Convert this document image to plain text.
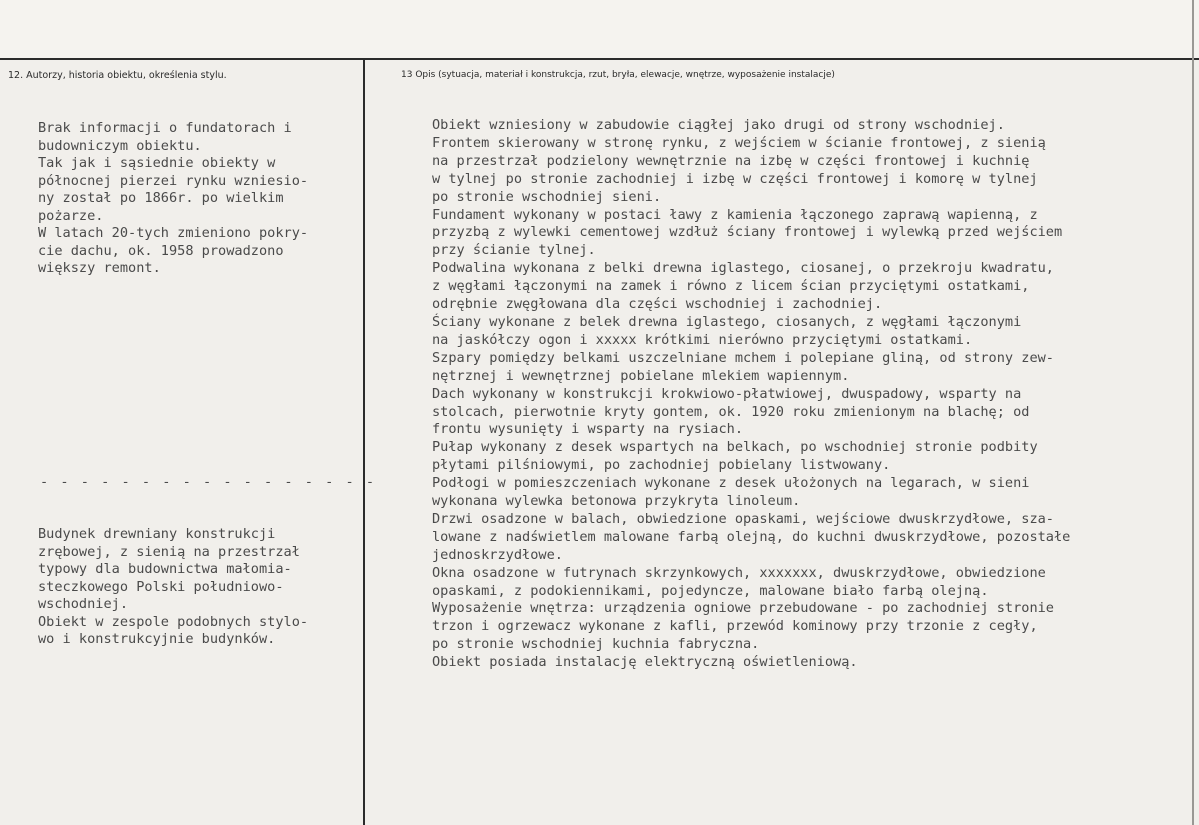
12. Autorzy, historia obiektu, określenia stylu.	13 Opis (sytuacja, materiał i konstrukcja, rzut, bryła, elewacje, wnętrze, wyposażenie instalacje)
Brak informacji o fundatorach i
budowniczym obiektu.
Tak jak i sąsiednie obiekty w
północnej pierzei rynku wzniesio-
ny został po 1866r. po wielkim
pożarze.
W latach 20-tych zmieniono pokry-
cie dachu, ok. 1958 prowadzono
większy remont.
- - - - - - - - - - - - - - - - -
Budynek drewniany konstrukcji
zrębowej, z sienią na przestrzał
typowy dla budownictwa małomia-
steczkowego Polski południowo-
wschodniej.
Obiekt w zespole podobnych stylo-
wo i konstrukcyjnie budynków.
Obiekt wzniesiony w zabudowie ciągłej jako drugi od strony wschodniej.
Frontem skierowany w stronę rynku, z wejściem w ścianie frontowej, z sienią
na przestrzał podzielony wewnętrznie na izbę w części frontowej i kuchnię
w tylnej po stronie zachodniej i izbę w części frontowej i komorę w tylnej
po stronie wschodniej sieni.
Fundament wykonany w postaci ławy z kamienia łączonego zaprawą wapienną, z
przyzbą z wylewki cementowej wzdłuż ściany frontowej i wylewką przed wejściem
przy ścianie tylnej.
Podwalina wykonana z belki drewna iglastego, ciosanej, o przekroju kwadratu,
z węgłami łączonymi na zamek i równo z licem ścian przyciętymi ostatkami,
odrębnie zwęgłowana dla części wschodniej i zachodniej.
Ściany wykonane z belek drewna iglastego, ciosanych, z węgłami łączonymi
na jaskółczy ogon i xxxxx krótkimi nierówno przyciętymi ostatkami.
Szpary pomiędzy belkami uszczelniane mchem i polepiane gliną, od strony zew-
nętrznej i wewnętrznej pobielane mlekiem wapiennym.
Dach wykonany w konstrukcji krokwiowo-płatwiowej, dwuspadowy, wsparty na
stolcach, pierwotnie kryty gontem, ok. 1920 roku zmienionym na blachę; od
frontu wysunięty i wsparty na rysiach.
Pułap wykonany z desek wspartych na belkach, po wschodniej stronie podbity
płytami pilśniowymi, po zachodniej pobielany listwowany.
Podłogi w pomieszczeniach wykonane z desek ułożonych na legarach, w sieni
wykonana wylewka betonowa przykryta linoleum.
Drzwi osadzone w balach, obwiedzione opaskami, wejściowe dwuskrzydłowe, sza-
lowane z nadświetlem malowane farbą olejną, do kuchni dwuskrzydłowe, pozostałe
jednoskrzydłowe.
Okna osadzone w futrynach skrzynkowych, xxxxxxx, dwuskrzydłowe, obwiedzione
opaskami, z podokiennikami, pojedyncze, malowane biało farbą olejną.
Wyposażenie wnętrza: urządzenia ogniowe przebudowane - po zachodniej stronie
trzon i ogrzewacz wykonane z kafli, przewód kominowy przy trzonie z cegły,
po stronie wschodniej kuchnia fabryczna.
Obiekt posiada instalację elektryczną oświetleniową.
